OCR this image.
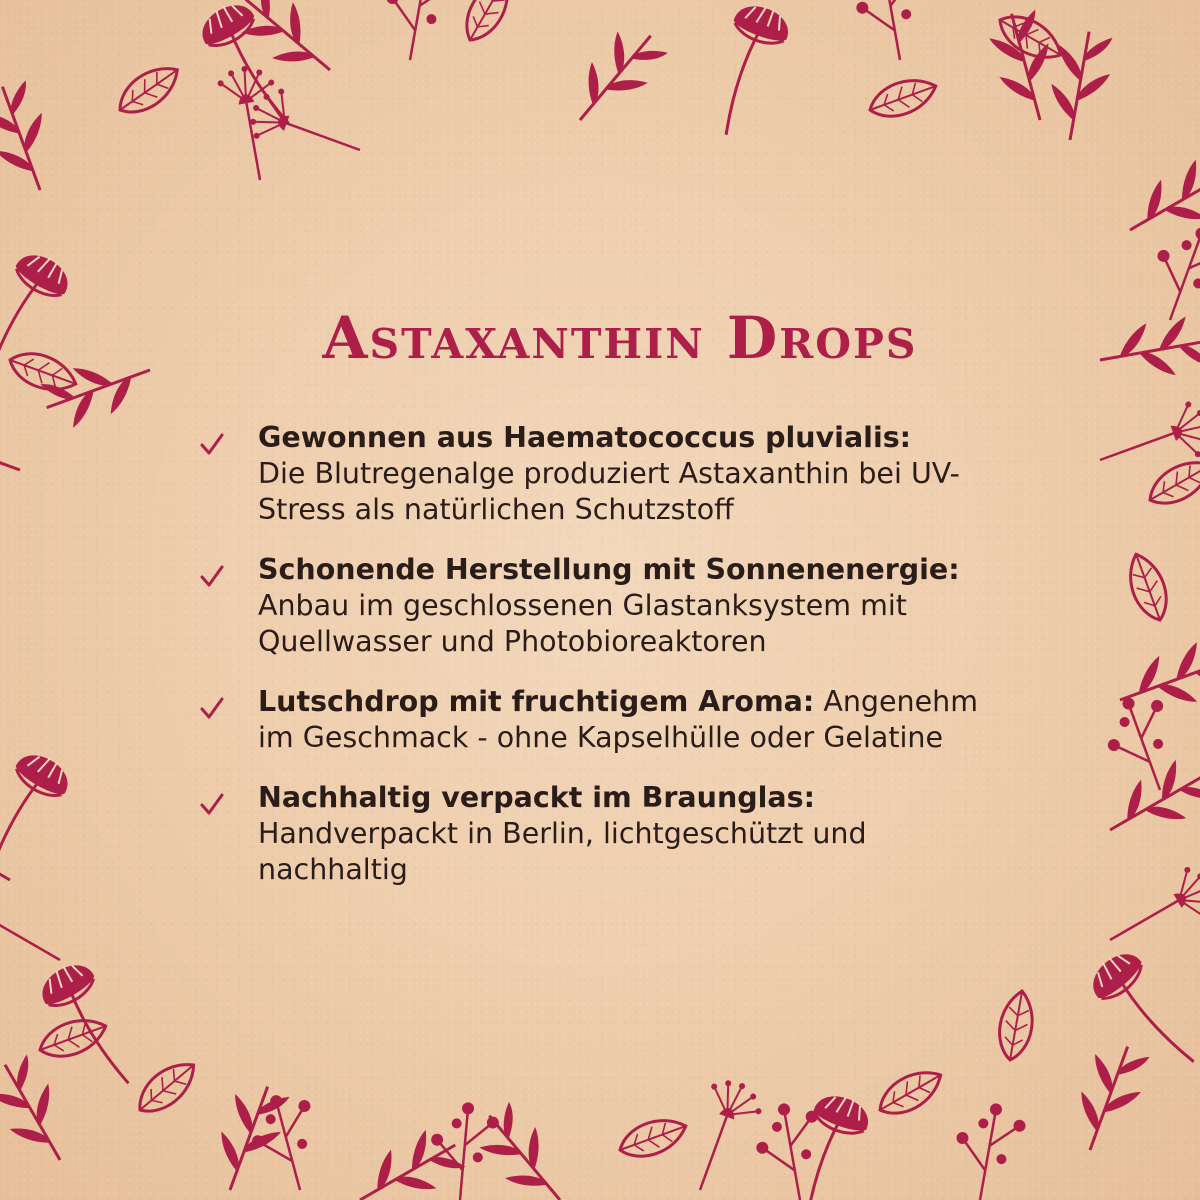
Astaxanthin Drops
Gewonnen aus Haematococcus pluvialis:
Die Blutregenalge produziert Astaxanthin bei UV-Stress als natürlichen Schutzstoff
Schonende Herstellung mit Sonnenenergie:
Anbau im geschlossenen Glastanksystem mit Quellwasser und Photobioreaktoren
Lutschdrop mit fruchtigem Aroma: Angenehm im Geschmack - ohne Kapselhülle oder Gelatine
Nachhaltig verpackt im Braunglas: Handverpackt in Berlin, lichtgeschützt und nachhaltig
